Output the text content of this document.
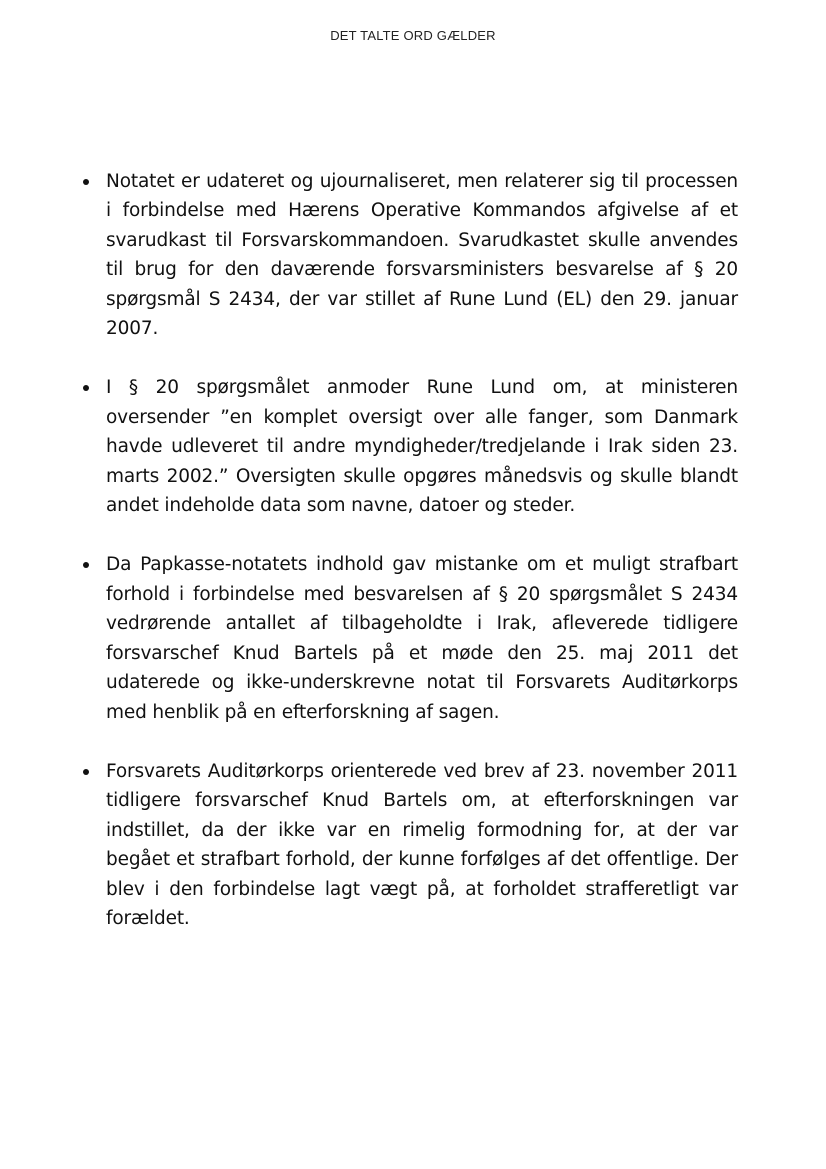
DET TALTE ORD GÆLDER
Notatet er udateret og ujournaliseret, men relaterer sig til processen i forbindelse med Hærens Operative Kommandos afgivelse af et svarudkast til Forsvarskommandoen. Svarudkastet skulle anvendes til brug for den daværende forsvarsministers besvarelse af § 20 spørgsmål S 2434, der var stillet af Rune Lund (EL) den 29. januar 2007.
I § 20 spørgsmålet anmoder Rune Lund om, at ministeren oversender ”en komplet oversigt over alle fanger, som Danmark havde udleveret til andre myndigheder/tredjelande i Irak siden 23. marts 2002.” Oversigten skulle opgøres månedsvis og skulle blandt andet indeholde data som navne, datoer og steder.
Da Papkasse-notatets indhold gav mistanke om et muligt strafbart forhold i forbindelse med besvarelsen af § 20 spørgsmålet S 2434 vedrørende antallet af tilbageholdte i Irak, afleverede tidligere forsvarschef Knud Bartels på et møde den 25. maj 2011 det udaterede og ikke-underskrevne notat til Forsvarets Auditørkorps med henblik på en efterforskning af sagen.
Forsvarets Auditørkorps orienterede ved brev af 23. november 2011 tidligere forsvarschef Knud Bartels om, at efterforskningen var indstillet, da der ikke var en rimelig formodning for, at der var begået et strafbart forhold, der kunne forfølges af det offentlige. Der blev i den forbindelse lagt vægt på, at forholdet strafferetligt var forældet.
